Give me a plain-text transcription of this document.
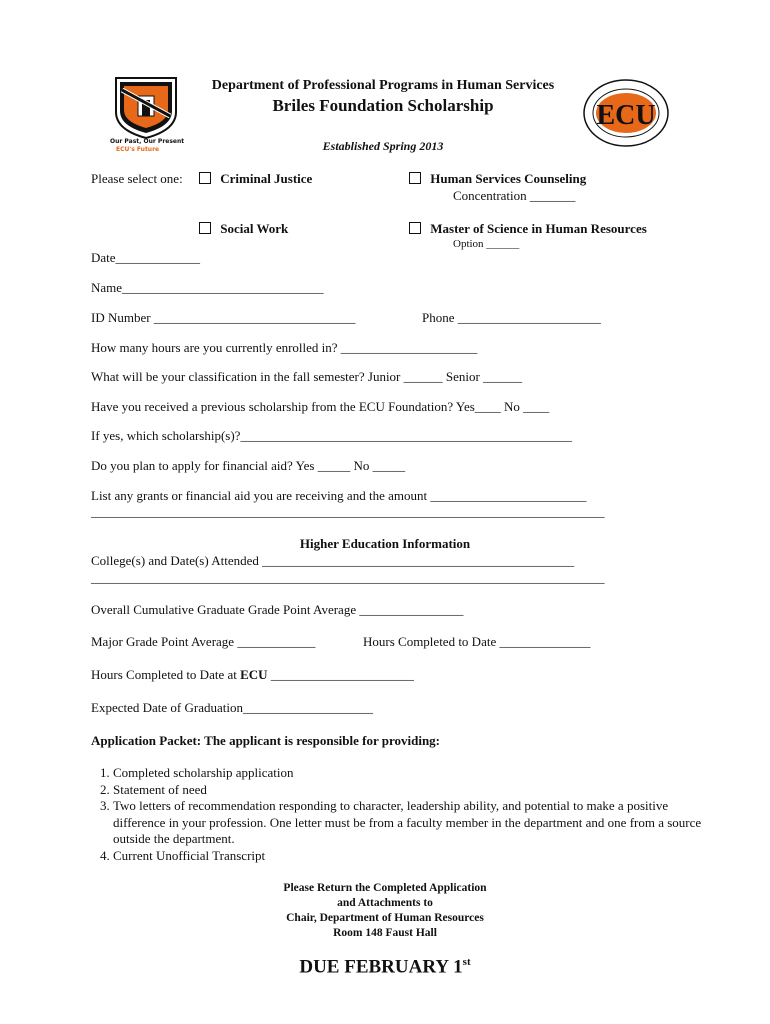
Our Past, Our Present
ECU's Future
ECU
Department of Professional Programs in Human Services
Briles Foundation Scholarship
Established Spring 2013
Please select one:	Criminal Justice	Human Services Counseling
Concentration _______
Social Work	Master of Science in Human Resources
Option ______
Date_____________
Name_______________________________
ID Number _______________________________	Phone ______________________
How many hours are you currently enrolled in? _____________________
What will be your classification in the fall semester? Junior ______ Senior ______
Have you received a previous scholarship from the ECU Foundation? Yes____ No ____
If yes, which scholarship(s)?___________________________________________________
Do you plan to apply for financial aid? Yes _____ No _____
List any grants or financial aid you are receiving and the amount ________________________
_______________________________________________________________________________
Higher Education Information
College(s) and Date(s) Attended ________________________________________________
_______________________________________________________________________________
Overall Cumulative Graduate Grade Point Average ________________
Major Grade Point Average ____________	Hours Completed to Date ______________
Hours Completed to Date at ECU ______________________
Expected Date of Graduation____________________
Application Packet: The applicant is responsible for providing:
1. Completed scholarship application
2. Statement of need
3. Two letters of recommendation responding to character, leadership ability, and potential to make a positive difference in your profession. One letter must be from a faculty member in the department and one from a source outside the department.
4. Current Unofficial Transcript
Please Return the Completed Application
and Attachments to
Chair, Department of Human Resources
Room 148 Faust Hall
DUE FEBRUARY 1st
